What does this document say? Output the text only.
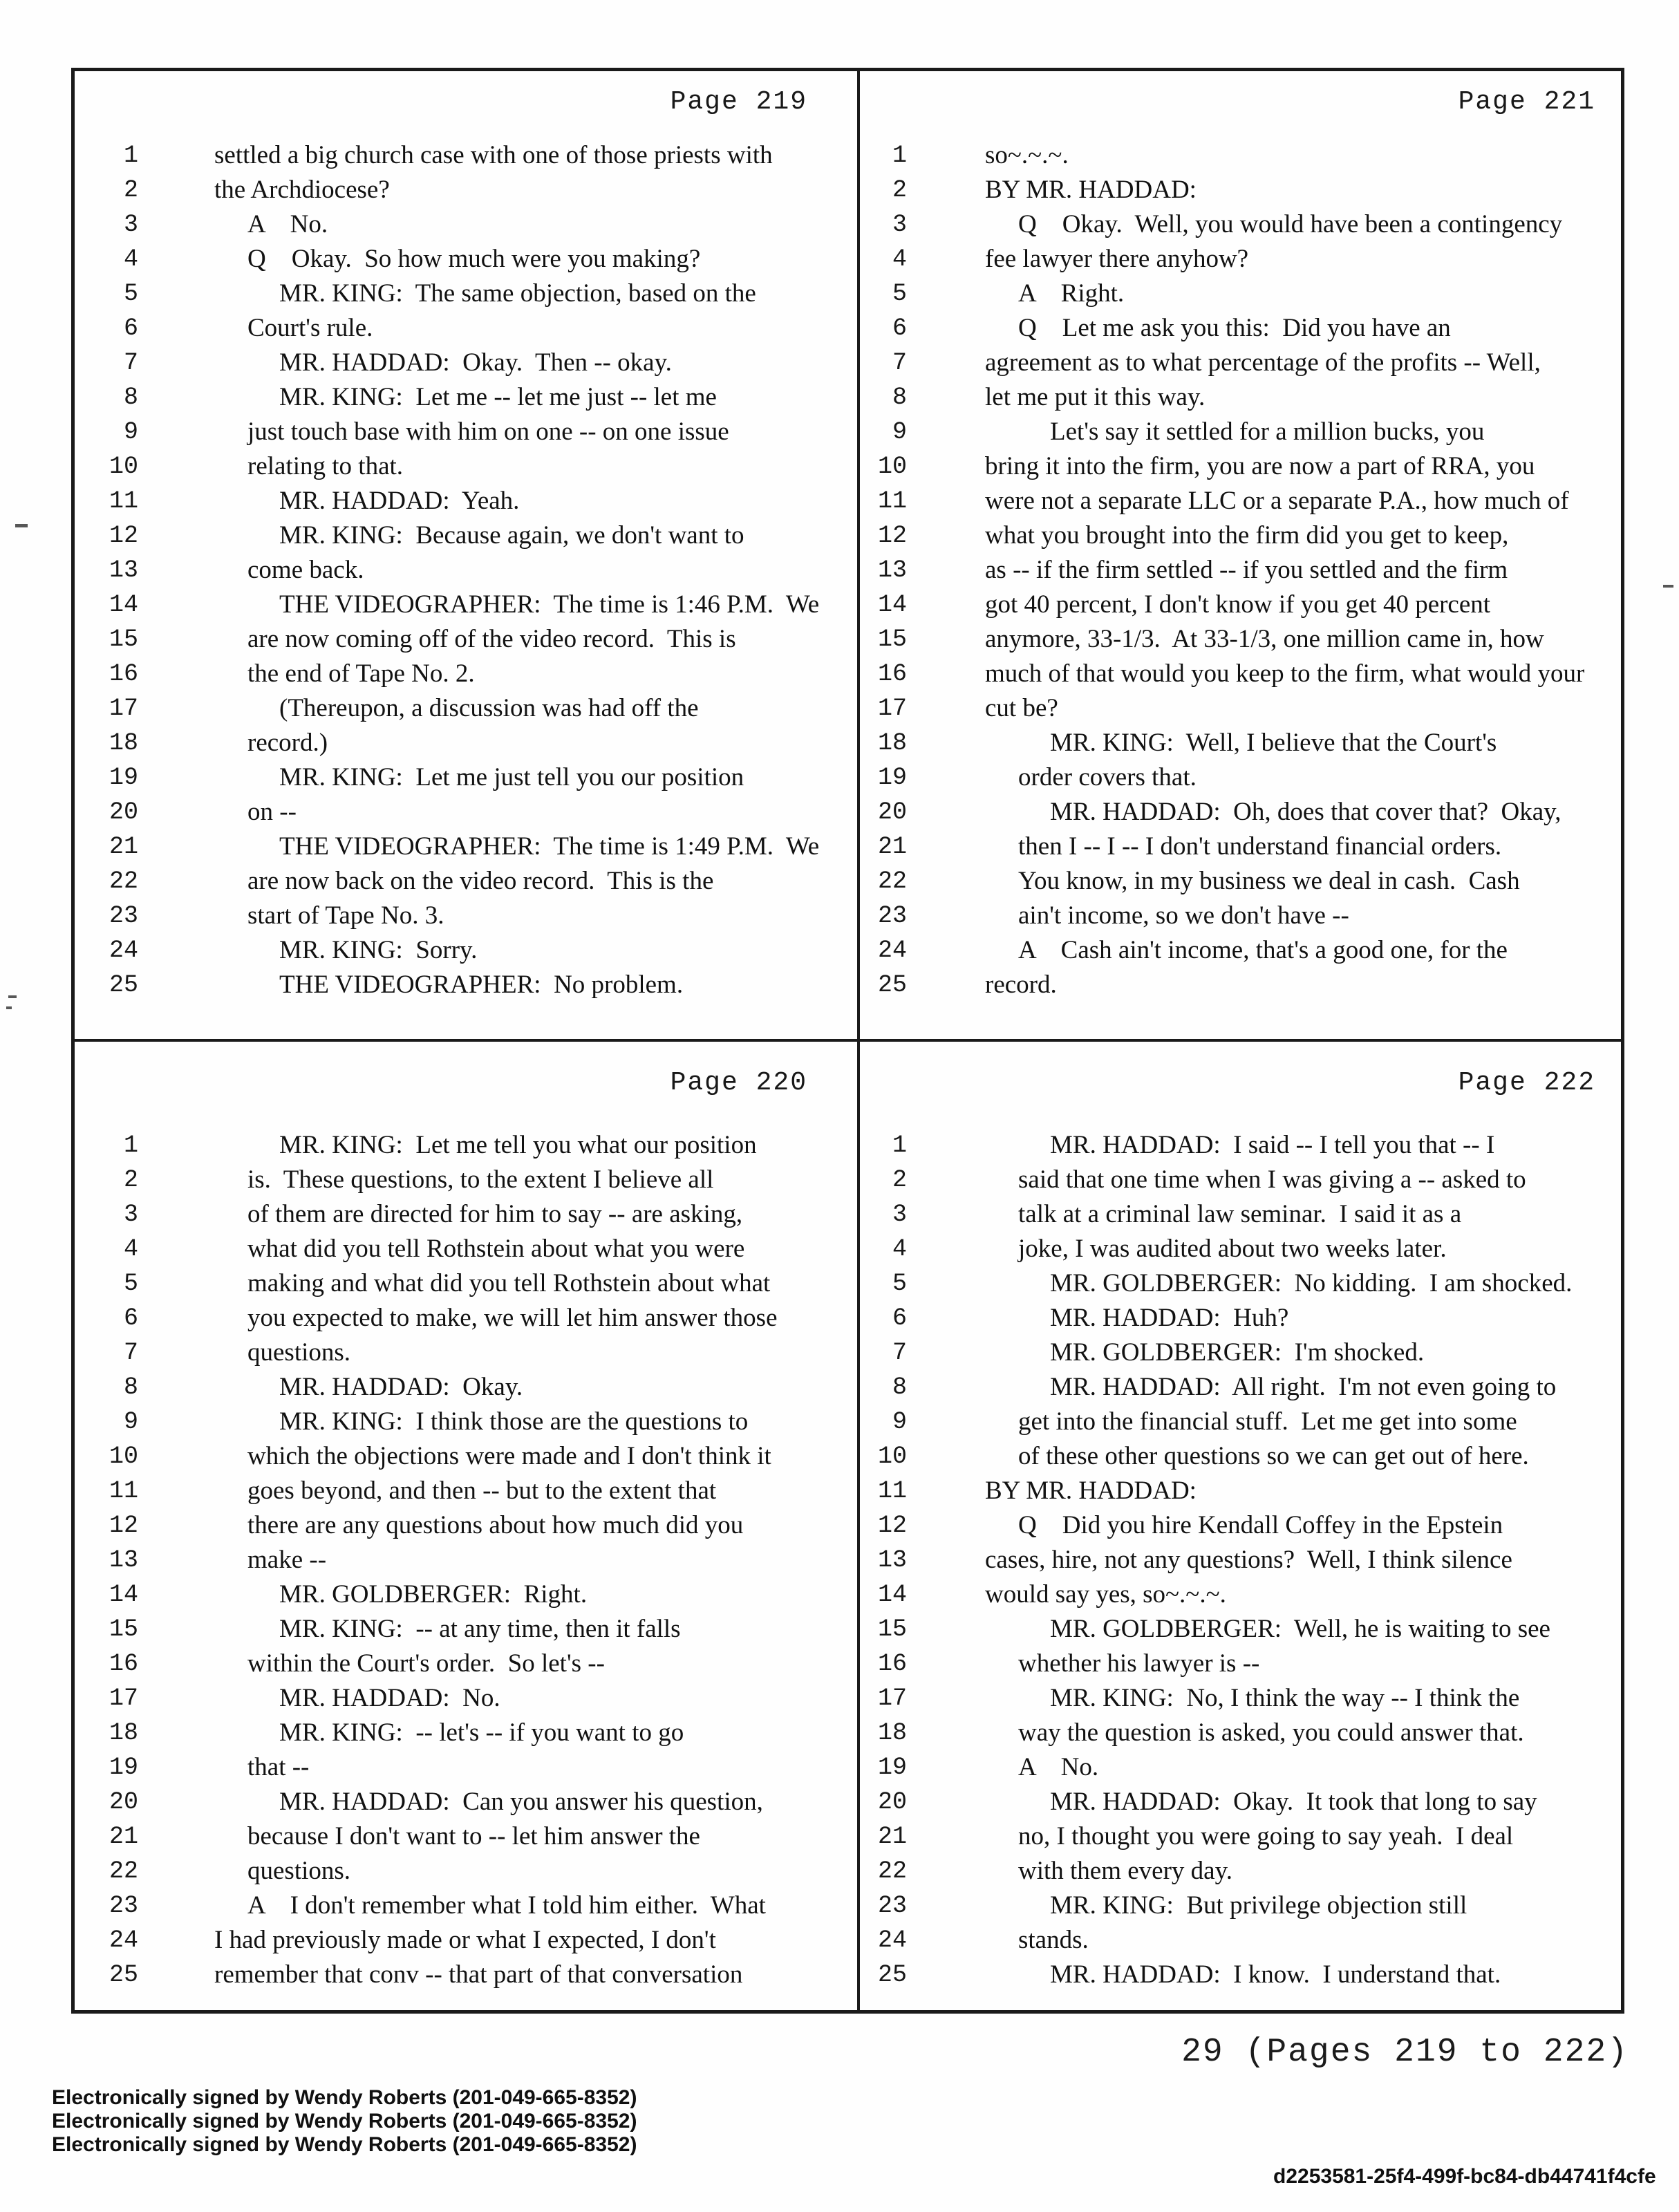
Page 219	Page 221
Page 220	Page 222
1	settled a big church case with one of those priests with
2	the Archdiocese?
3	A    No.
4	Q    Okay.  So how much were you making?
5	MR. KING:  The same objection, based on the
6	Court's rule.
7	MR. HADDAD:  Okay.  Then -- okay.
8	MR. KING:  Let me -- let me just -- let me
9	just touch base with him on one -- on one issue
10	relating to that.
11	MR. HADDAD:  Yeah.
12	MR. KING:  Because again, we don't want to
13	come back.
14	THE VIDEOGRAPHER:  The time is 1:46 P.M.  We
15	are now coming off of the video record.  This is
16	the end of Tape No. 2.
17	(Thereupon, a discussion was had off the
18	record.)
19	MR. KING:  Let me just tell you our position
20	on --
21	THE VIDEOGRAPHER:  The time is 1:49 P.M.  We
22	are now back on the video record.  This is the
23	start of Tape No. 3.
24	MR. KING:  Sorry.
25	THE VIDEOGRAPHER:  No problem.
1	so~.~.~.
2	BY MR. HADDAD:
3	Q    Okay.  Well, you would have been a contingency
4	fee lawyer there anyhow?
5	A    Right.
6	Q    Let me ask you this:  Did you have an
7	agreement as to what percentage of the profits -- Well,
8	let me put it this way.
9	Let's say it settled for a million bucks, you
10	bring it into the firm, you are now a part of RRA, you
11	were not a separate LLC or a separate P.A., how much of
12	what you brought into the firm did you get to keep,
13	as -- if the firm settled -- if you settled and the firm
14	got 40 percent, I don't know if you get 40 percent
15	anymore, 33-1/3.  At 33-1/3, one million came in, how
16	much of that would you keep to the firm, what would your
17	cut be?
18	MR. KING:  Well, I believe that the Court's
19	order covers that.
20	MR. HADDAD:  Oh, does that cover that?  Okay,
21	then I -- I -- I don't understand financial orders.
22	You know, in my business we deal in cash.  Cash
23	ain't income, so we don't have --
24	A    Cash ain't income, that's a good one, for the
25	record.
1	MR. KING:  Let me tell you what our position
2	is.  These questions, to the extent I believe all
3	of them are directed for him to say -- are asking,
4	what did you tell Rothstein about what you were
5	making and what did you tell Rothstein about what
6	you expected to make, we will let him answer those
7	questions.
8	MR. HADDAD:  Okay.
9	MR. KING:  I think those are the questions to
10	which the objections were made and I don't think it
11	goes beyond, and then -- but to the extent that
12	there are any questions about how much did you
13	make --
14	MR. GOLDBERGER:  Right.
15	MR. KING:  -- at any time, then it falls
16	within the Court's order.  So let's --
17	MR. HADDAD:  No.
18	MR. KING:  -- let's -- if you want to go
19	that --
20	MR. HADDAD:  Can you answer his question,
21	because I don't want to -- let him answer the
22	questions.
23	A    I don't remember what I told him either.  What
24	I had previously made or what I expected, I don't
25	remember that conv -- that part of that conversation
1	MR. HADDAD:  I said -- I tell you that -- I
2	said that one time when I was giving a -- asked to
3	talk at a criminal law seminar.  I said it as a
4	joke, I was audited about two weeks later.
5	MR. GOLDBERGER:  No kidding.  I am shocked.
6	MR. HADDAD:  Huh?
7	MR. GOLDBERGER:  I'm shocked.
8	MR. HADDAD:  All right.  I'm not even going to
9	get into the financial stuff.  Let me get into some
10	of these other questions so we can get out of here.
11	BY MR. HADDAD:
12	Q    Did you hire Kendall Coffey in the Epstein
13	cases, hire, not any questions?  Well, I think silence
14	would say yes, so~.~.~.
15	MR. GOLDBERGER:  Well, he is waiting to see
16	whether his lawyer is --
17	MR. KING:  No, I think the way -- I think the
18	way the question is asked, you could answer that.
19	A    No.
20	MR. HADDAD:  Okay.  It took that long to say
21	no, I thought you were going to say yeah.  I deal
22	with them every day.
23	MR. KING:  But privilege objection still
24	stands.
25	MR. HADDAD:  I know.  I understand that.
29 (Pages 219 to 222)
Electronically signed by Wendy Roberts (201-049-665-8352)
Electronically signed by Wendy Roberts (201-049-665-8352)
Electronically signed by Wendy Roberts (201-049-665-8352)
d2253581-25f4-499f-bc84-db44741f4cfe
